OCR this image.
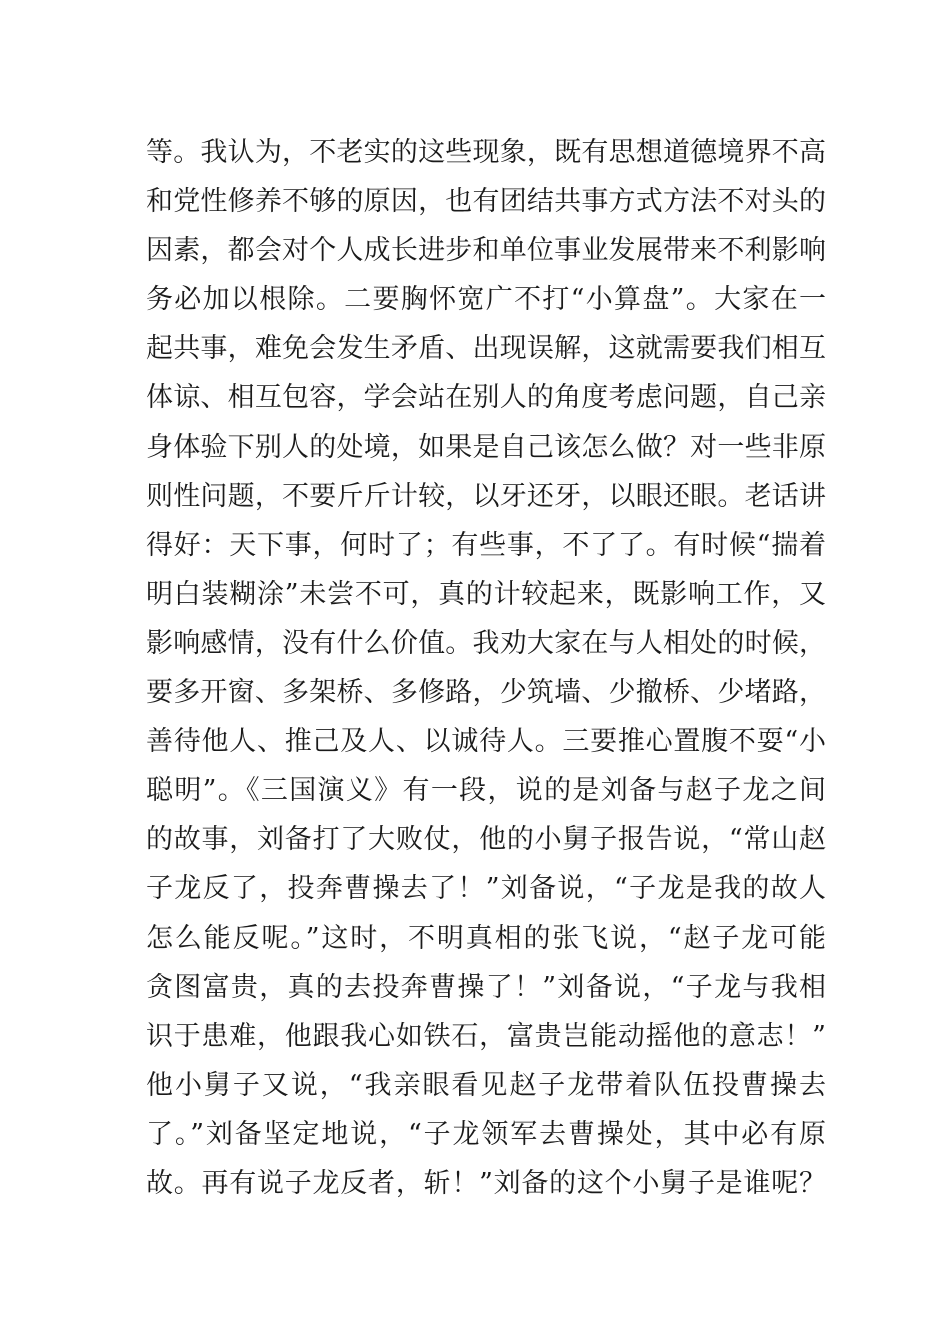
等。我认为，不老实的这些现象，既有思想道德境界不高
和党性修养不够的原因，也有团结共事方式方法不对头的
因素，都会对个人成长进步和单位事业发展带来不利影响
务必加以根除。二要胸怀宽广不打“小算盘”。大家在一
起共事，难免会发生矛盾、出现误解，这就需要我们相互
体谅、相互包容，学会站在别人的角度考虑问题，自己亲
身体验下别人的处境，如果是自己该怎么做？对一些非原
则性问题，不要斤斤计较，以牙还牙，以眼还眼。老话讲
得好：天下事，何时了；有些事，不了了。有时候“揣着
明白装糊涂”未尝不可，真的计较起来，既影响工作，又
影响感情，没有什么价值。我劝大家在与人相处的时候，
要多开窗、多架桥、多修路，少筑墙、少撤桥、少堵路，
善待他人、推己及人、以诚待人。三要推心置腹不耍“小
聪明”。《三国演义》有一段，说的是刘备与赵子龙之间
的故事，刘备打了大败仗，他的小舅子报告说，“常山赵
子龙反了，投奔曹操去了！”刘备说，“子龙是我的故人
怎么能反呢。”这时，不明真相的张飞说，“赵子龙可能
贪图富贵，真的去投奔曹操了！”刘备说，“子龙与我相
识于患难，他跟我心如铁石，富贵岂能动摇他的意志！”
他小舅子又说，“我亲眼看见赵子龙带着队伍投曹操去
了。”刘备坚定地说，“子龙领军去曹操处，其中必有原
故。再有说子龙反者，斩！”刘备的这个小舅子是谁呢？
